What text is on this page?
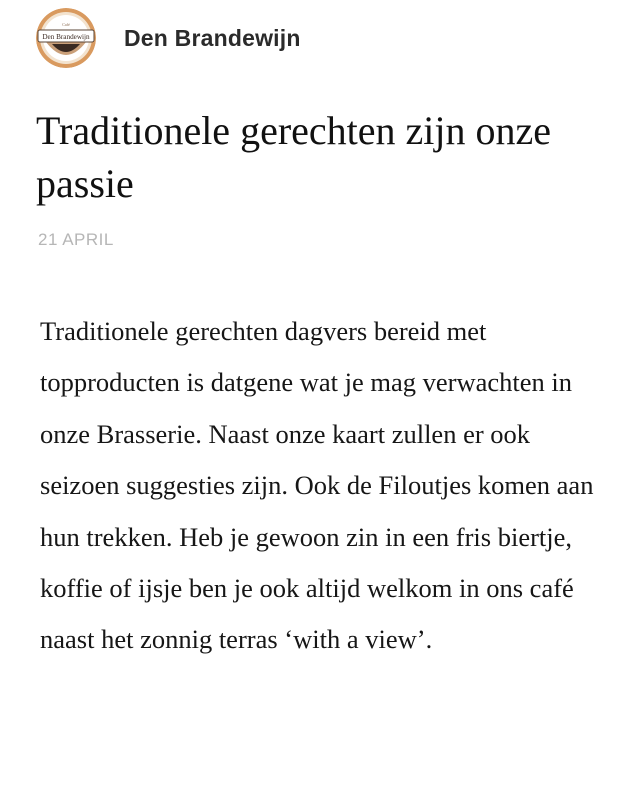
Den Brandewijn
Café Den Brandewijn
Traditionele gerechten zijn onze passie
21 APRIL

Traditionele gerechten dagvers bereid met topproducten is datgene wat je mag verwachten in onze Brasserie. Naast onze kaart zullen er ook seizoen suggesties zijn. Ook de Filoutjes komen aan hun trekken. Heb je gewoon zin in een fris biertje, koffie of ijsje ben je ook altijd welkom in ons café naast het zonnig terras ‘with a view’.
